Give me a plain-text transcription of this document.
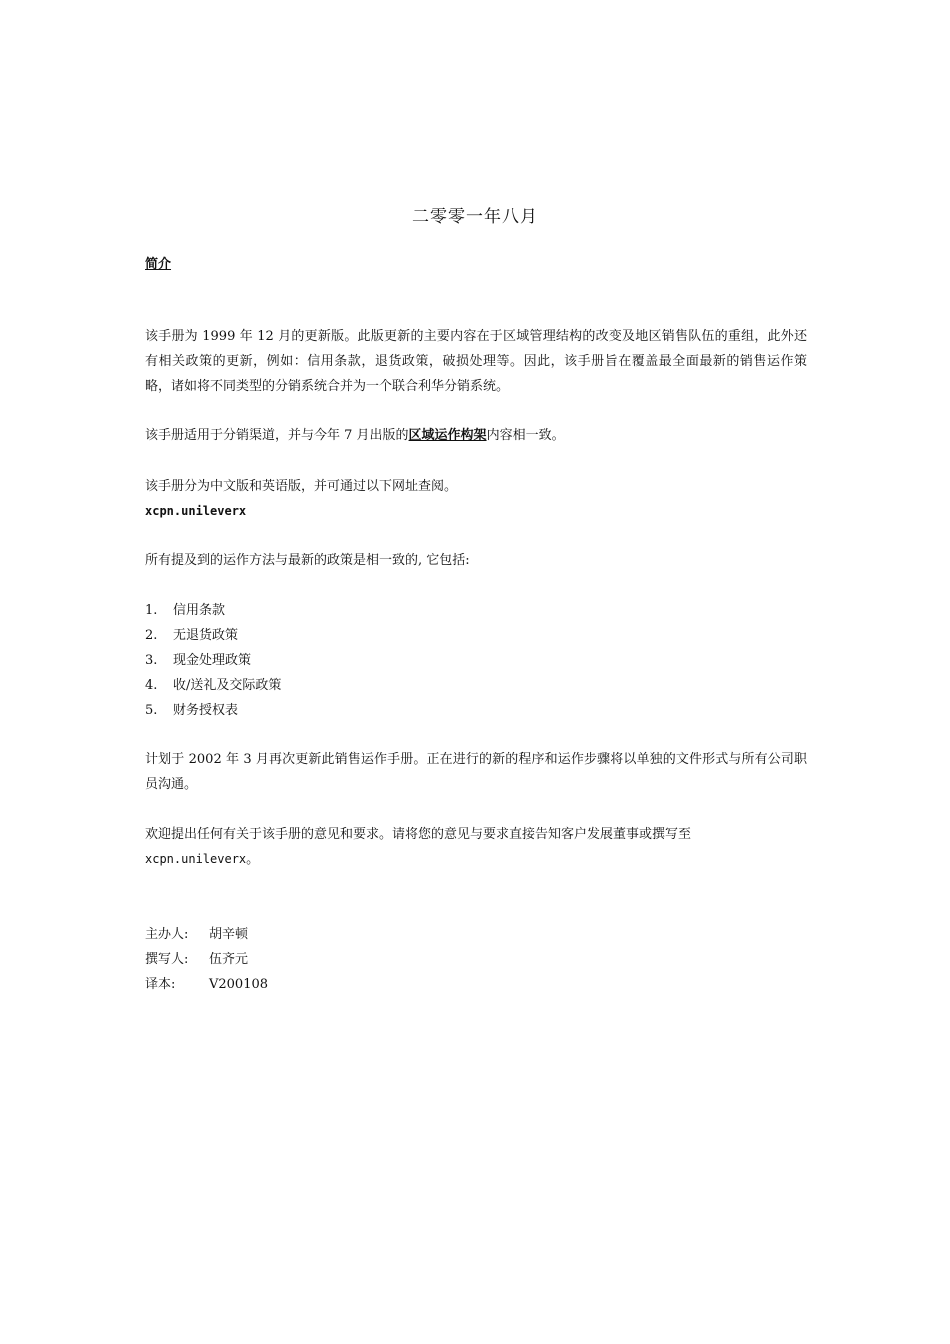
二零零一年八月
简介
该手册为 1999 年 12 月的更新版。此版更新的主要内容在于区域管理结构的改变及地区销售队伍的重组，此外还有相关政策的更新，例如：信用条款，退货政策，破损处理等。因此，该手册旨在覆盖最全面最新的销售运作策略，诸如将不同类型的分销系统合并为一个联合利华分销系统。
该手册适用于分销渠道，并与今年 7 月出版的区域运作构架内容相一致。
该手册分为中文版和英语版，并可通过以下网址查阅。
xcpn.unileverx
所有提及到的运作方法与最新的政策是相一致的, 它包括:
1.	信用条款
2.	无退货政策
3.	现金处理政策
4.	收/送礼及交际政策
5.	财务授权表
计划于 2002 年 3 月再次更新此销售运作手册。正在进行的新的程序和运作步骤将以单独的文件形式与所有公司职员沟通。
欢迎提出任何有关于该手册的意见和要求。请将您的意见与要求直接告知客户发展董事或撰写至
xcpn.unileverx。
主办人:	胡辛顿
撰写人:	伍齐元
译本:	V200108
